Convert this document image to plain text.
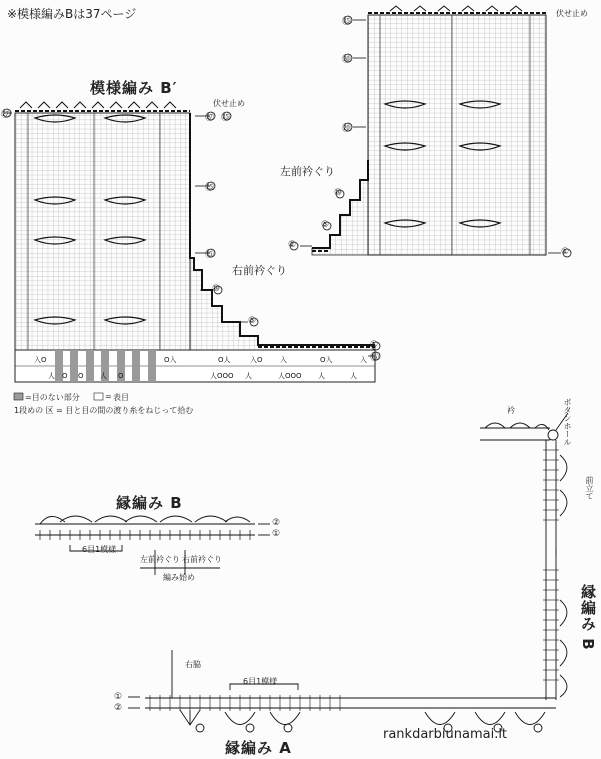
※模様編みBは37ページ
模様編み B′
入O
人 O O 人 O
O入	O人	入O 入	O入	入
人OOO 人	人OOO 人	人
伏せ止め
㊲ ㉟
㉕
⑮
右前衿ぐり
⑩
⑤
①
⑯
㉗
伏せ止め
㉟
㉚
⑳
左前衿ぐり
⑩
⑤
②
①
=目のない部分	= 表目
1段めの 区 = 目と目の間の渡り糸をねじって拾む
縁編み B
②
①
6目1模様
左前衿ぐり 右前衿ぐり
編み始め
衿	ボタンホール
前立て
縁編み B
右脇
6目1模様
①
②
縁編み A
rankdarbiunamai.lt
